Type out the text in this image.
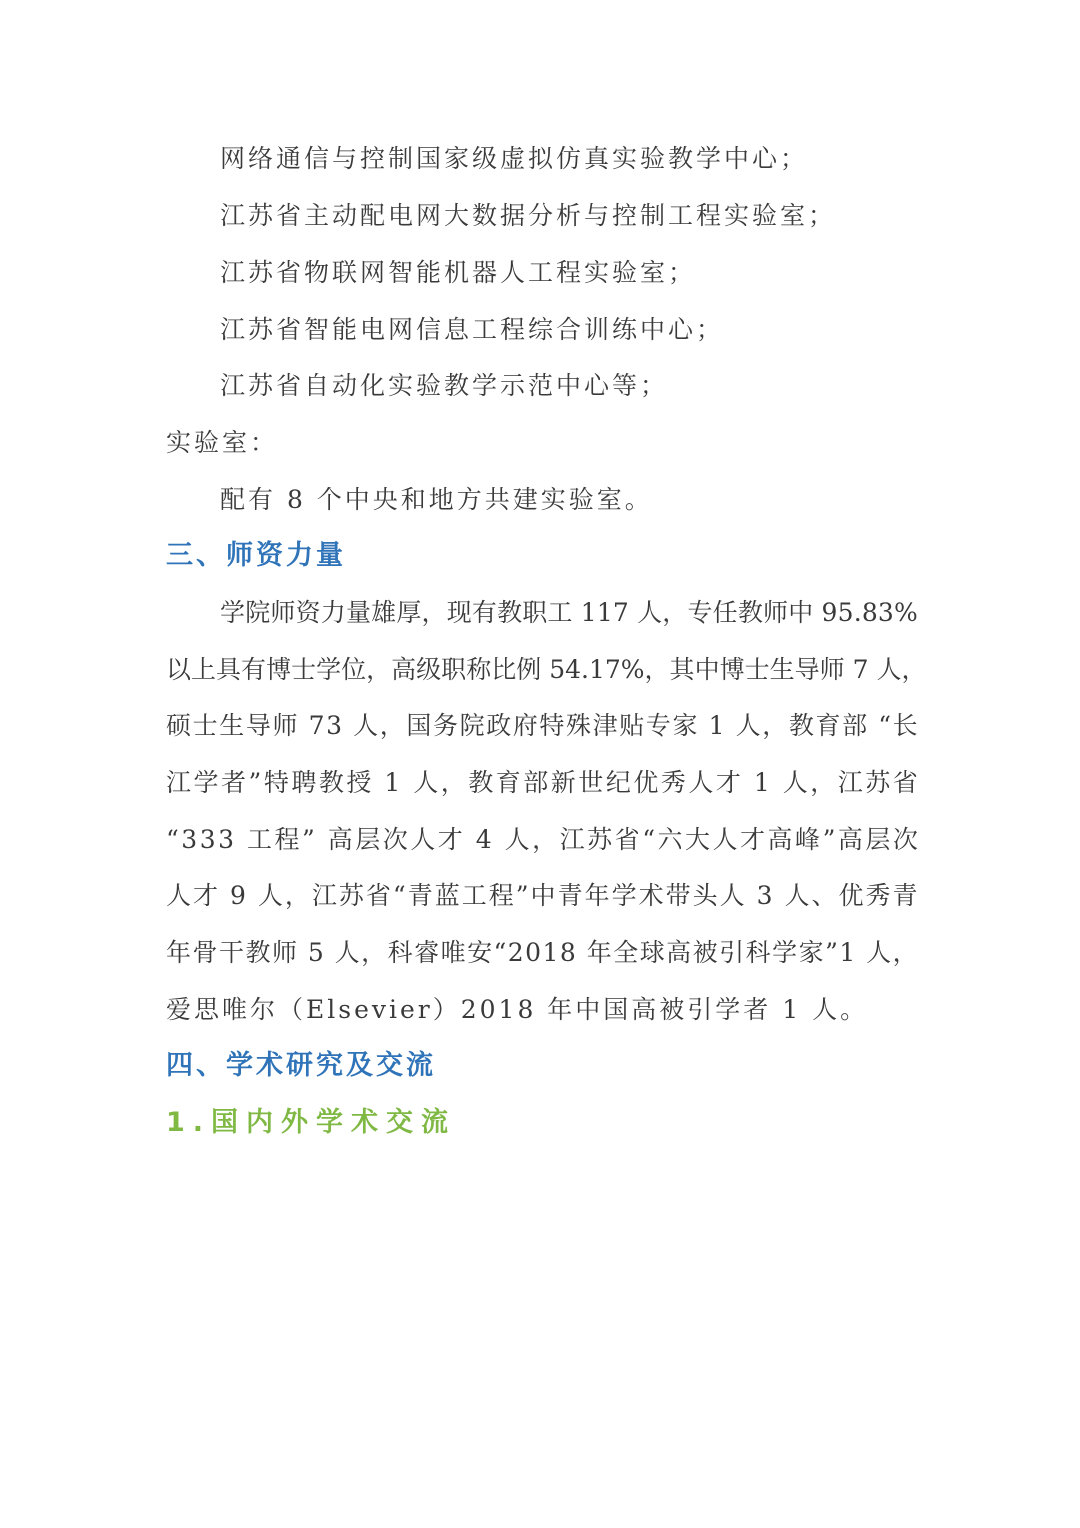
网络通信与控制国家级虚拟仿真实验教学中心；
江苏省主动配电网大数据分析与控制工程实验室；
江苏省物联网智能机器人工程实验室；
江苏省智能电网信息工程综合训练中心；
江苏省自动化实验教学示范中心等；
实验室：
配有 8 个中央和地方共建实验室。
三、师资力量
学 院 师 资 力 量 雄 厚 ， 现 有 教 职 工
1 1 7
人 ， 专 任 教 师 中
9 5 . 8 3 %
以 上 具 有 博 士 学 位 ， 高 级 职 称 比 例
5 4 . 1 7 % ， 其 中 博 士 生 导 师
7
人 ，
硕 士 生 导 师
7 3
人 ， 国 务 院 政 府 特 殊 津 贴 专 家
1
人 ， 教 育 部
“ 长
江 学 者 ” 特 聘 教 授
1
人 ， 教 育 部 新 世 纪 优 秀 人 才
1
人 ， 江 苏 省
“ 3 3 3
工 程 ”
高 层 次 人 才
4
人 ， 江 苏 省 “ 六 大 人 才 高 峰 ” 高 层 次
人 才
9
人 ， 江 苏 省 “ 青 蓝 工 程 ” 中 青 年 学 术 带 头 人
3
人 、 优 秀 青
年 骨 干 教 师
5
人 ， 科 睿 唯 安 “ 2 0 1 8
年 全 球 高 被 引 科 学 家 ” 1
人 ，
爱思唯尔（Elsevier）2018 年中国高被引学者 1 人。
四、学术研究及交流
1.国内外学术交流
